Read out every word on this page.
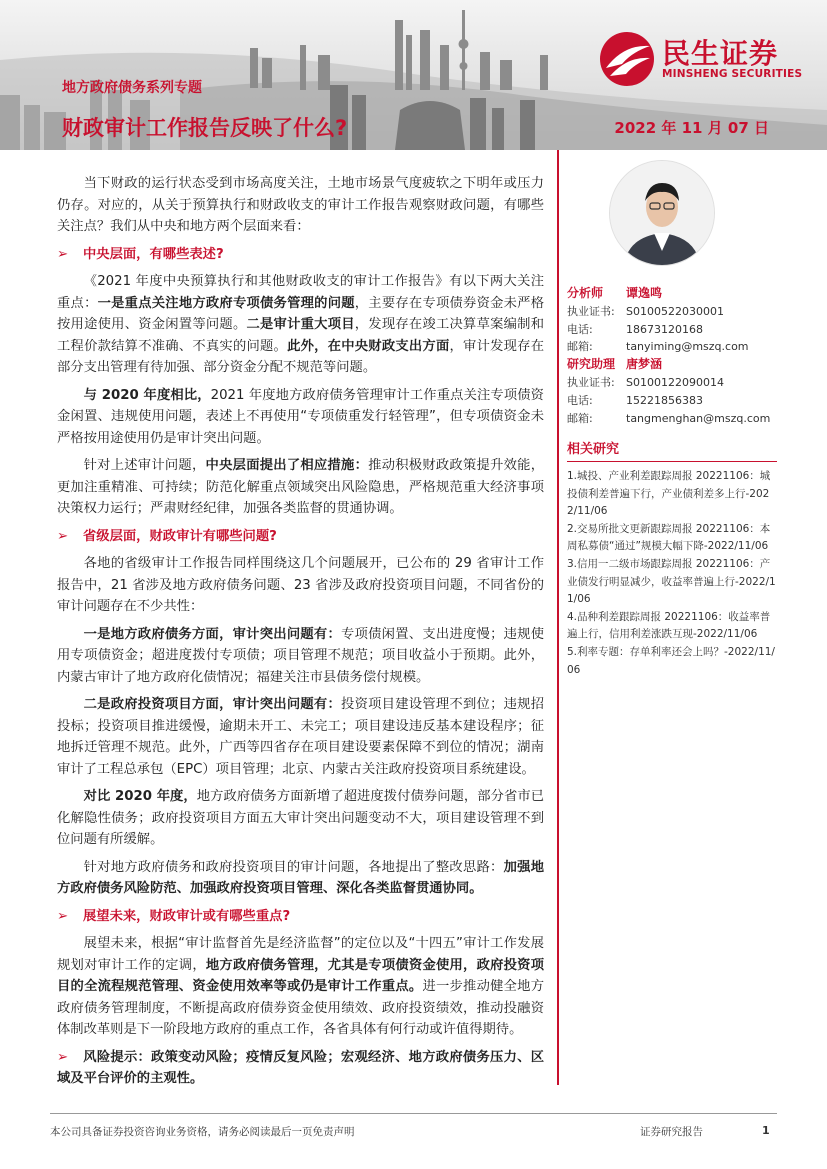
地方政府债务系列专题
财政审计工作报告反映了什么?	2022 年 11 月 07 日
民生证券
MINSHENG SECURITIES

当下财政的运行状态受到市场高度关注，土地市场景气度疲软之下明年或压力仍存。对应的，从关于预算执行和财政收支的审计工作报告观察财政问题，有哪些关注点？我们从中央和地方两个层面来看：

➢ 中央层面，有哪些表述?

《2021 年度中央预算执行和其他财政收支的审计工作报告》有以下两大关注重点：一是重点关注地方政府专项债务管理的问题，主要存在专项债券资金未严格按用途使用、资金闲置等问题。二是审计重大项目，发现存在竣工决算草案编制和工程价款结算不准确、不真实的问题。此外，在中央财政支出方面，审计发现存在部分支出管理有待加强、部分资金分配不规范等问题。

与 2020 年度相比，2021 年度地方政府债务管理审计工作重点关注专项债资金闲置、违规使用问题，表述上不再使用“专项债重发行轻管理”，但专项债资金未严格按用途使用仍是审计突出问题。

针对上述审计问题，中央层面提出了相应措施：推动积极财政政策提升效能，更加注重精准、可持续；防范化解重点领域突出风险隐患，严格规范重大经济事项决策权力运行；严肃财经纪律，加强各类监督的贯通协调。

➢ 省级层面，财政审计有哪些问题?

各地的省级审计工作报告同样围绕这几个问题展开，已公布的 29 省审计工作报告中，21 省涉及地方政府债务问题、23 省涉及政府投资项目问题，不同省份的审计问题存在不少共性：

一是地方政府债务方面，审计突出问题有：专项债闲置、支出进度慢；违规使用专项债资金；超进度拨付专项债；项目管理不规范；项目收益小于预期。此外，内蒙古审计了地方政府化债情况；福建关注市县债务偿付规模。

二是政府投资项目方面，审计突出问题有：投资项目建设管理不到位；违规招投标；投资项目推进缓慢，逾期未开工、未完工；项目建设违反基本建设程序；征地拆迁管理不规范。此外，广西等四省存在项目建设要素保障不到位的情况；湖南审计了工程总承包（EPC）项目管理；北京、内蒙古关注政府投资项目系统建设。

对比 2020 年度，地方政府债务方面新增了超进度拨付债券问题，部分省市已化解隐性债务；政府投资项目方面五大审计突出问题变动不大，项目建设管理不到位问题有所缓解。

针对地方政府债务和政府投资项目的审计问题，各地提出了整改思路：加强地方政府债务风险防范、加强政府投资项目管理、深化各类监督贯通协同。

➢ 展望未来，财政审计或有哪些重点?

展望未来，根据“审计监督首先是经济监督”的定位以及“十四五”审计工作发展规划对审计工作的定调，地方政府债务管理，尤其是专项债资金使用，政府投资项目的全流程规范管理、资金使用效率等或仍是审计工作重点。进一步推动健全地方政府债务管理制度，不断提高政府债券资金使用绩效、政府投资绩效，推动投融资体制改革则是下一阶段地方政府的重点工作，各省具体有何行动或许值得期待。

➢ 风险提示：政策变动风险；疫情反复风险；宏观经济、地方政府债务压力、区域及平台评价的主观性。

分析师	谭逸鸣
执业证书:	S0100522030001
电话:	18673120168
邮箱:	tanyiming@mszq.com
研究助理 唐梦涵
执业证书:	S0100122090014
电话:	15221856383
邮箱:	tangmenghan@mszq.com
相关研究
1.城投、产业利差跟踪周报 20221106：城投债利差普遍下行，产业债利差多上行-2022/11/06
2.交易所批文更新跟踪周报 20221106：本周私募债“通过”规模大幅下降-2022/11/06
3.信用一二级市场跟踪周报 20221106：产业债发行明显减少，收益率普遍上行-2022/11/06
4.品种利差跟踪周报 20221106：收益率普遍上行，信用利差涨跌互现-2022/11/06
5.利率专题：存单利率还会上吗？-2022/11/06
本公司具备证券投资咨询业务资格，请务必阅读最后一页免责声明	证券研究报告	1
